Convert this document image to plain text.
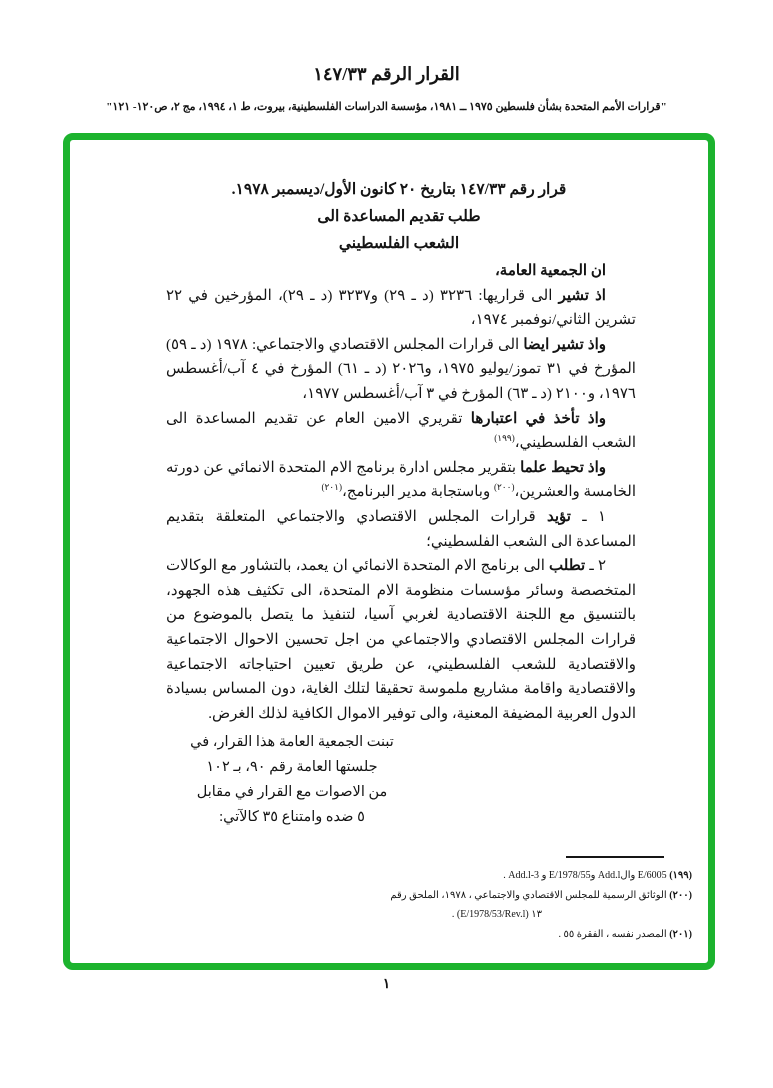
القرار الرقم ١٤٧/٣٣
"قرارات الأمم المتحدة بشأن فلسطين ١٩٧٥ ــ ١٩٨١، مؤسسة الدراسات الفلسطينية، بيروت، ط ١، ١٩٩٤، مج ٢، ص١٢٠- ١٢١"
قرار رقم ١٤٧/٣٣ بتاريخ ٢٠ كانون الأول/ديسمبر ١٩٧٨.
طلب تقديم المساعدة الى
الشعب الفلسطيني

ان الجمعية العامة،

اذ تشير الى قراريها: ٣٢٣٦ (د ـ ٢٩) و٣٢٣٧ (د ـ ٢٩)، المؤرخين في ٢٢ تشرين الثاني/نوفمبر ١٩٧٤،

واذ تشير ايضا الى قرارات المجلس الاقتصادي والاجتماعي: ١٩٧٨ (د ـ ٥٩) المؤرخ في ٣١ تموز/يوليو ١٩٧٥، و٢٠٢٦ (د ـ ٦١) المؤرخ في ٤ آب/أغسطس ١٩٧٦، و٢١٠٠ (د ـ ٦٣) المؤرخ في ٣ آب/أغسطس ١٩٧٧،

واذ تأخذ في اعتبارها تقريري الامين العام عن تقديم المساعدة الى الشعب الفلسطيني،$^{(١٩٩)}$

واذ تحيط علما بتقرير مجلس ادارة برنامج الام المتحدة الانمائي عن دورته الخامسة والعشرين،$^{(٢٠٠)}$ وباستجابة مدير البرنامج،$^{(٢٠١)}$

١ ـ تؤيد قرارات المجلس الاقتصادي والاجتماعي المتعلقة بتقديم المساعدة الى الشعب الفلسطيني؛

٢ ـ تطلب الى برنامج الام المتحدة الانمائي ان يعمد، بالتشاور مع الوكالات المتخصصة وسائر مؤسسات منظومة الام المتحدة، الى تكثيف هذه الجهود، بالتنسيق مع اللجنة الاقتصادية لغربي آسيا، لتنفيذ ما يتصل بالموضوع من قرارات المجلس الاقتصادي والاجتماعي من اجل تحسين الاحوال الاجتماعية والاقتصادية للشعب الفلسطيني، عن طريق تعيين احتياجاته الاجتماعية والاقتصادية واقامة مشاريع ملموسة تحقيقا لتلك الغاية، دون المساس بسيادة الدول العربية المضيفة المعنية، والى توفير الاموال الكافية لذلك الغرض.

تبنت الجمعية العامة هذا القرار، في
جلستها العامة رقم ٩٠، بـ ١٠٢
من الاصوات مع القرار في مقابل
٥ ضده وامتناع ٣٥ كالآتي:
(١٩٩) E/6005 والAdd.l وE/1978/55 و Add.l-3 .
(٢٠٠) الوثائق الرسمية للمجلس الاقتصادي والاجتماعي ، ١٩٧٨، الملحق رقم
١٣ (E/1978/53/Rev.l) .
(٢٠١) المصدر نفسه ، الفقرة ٥٥ .
١
